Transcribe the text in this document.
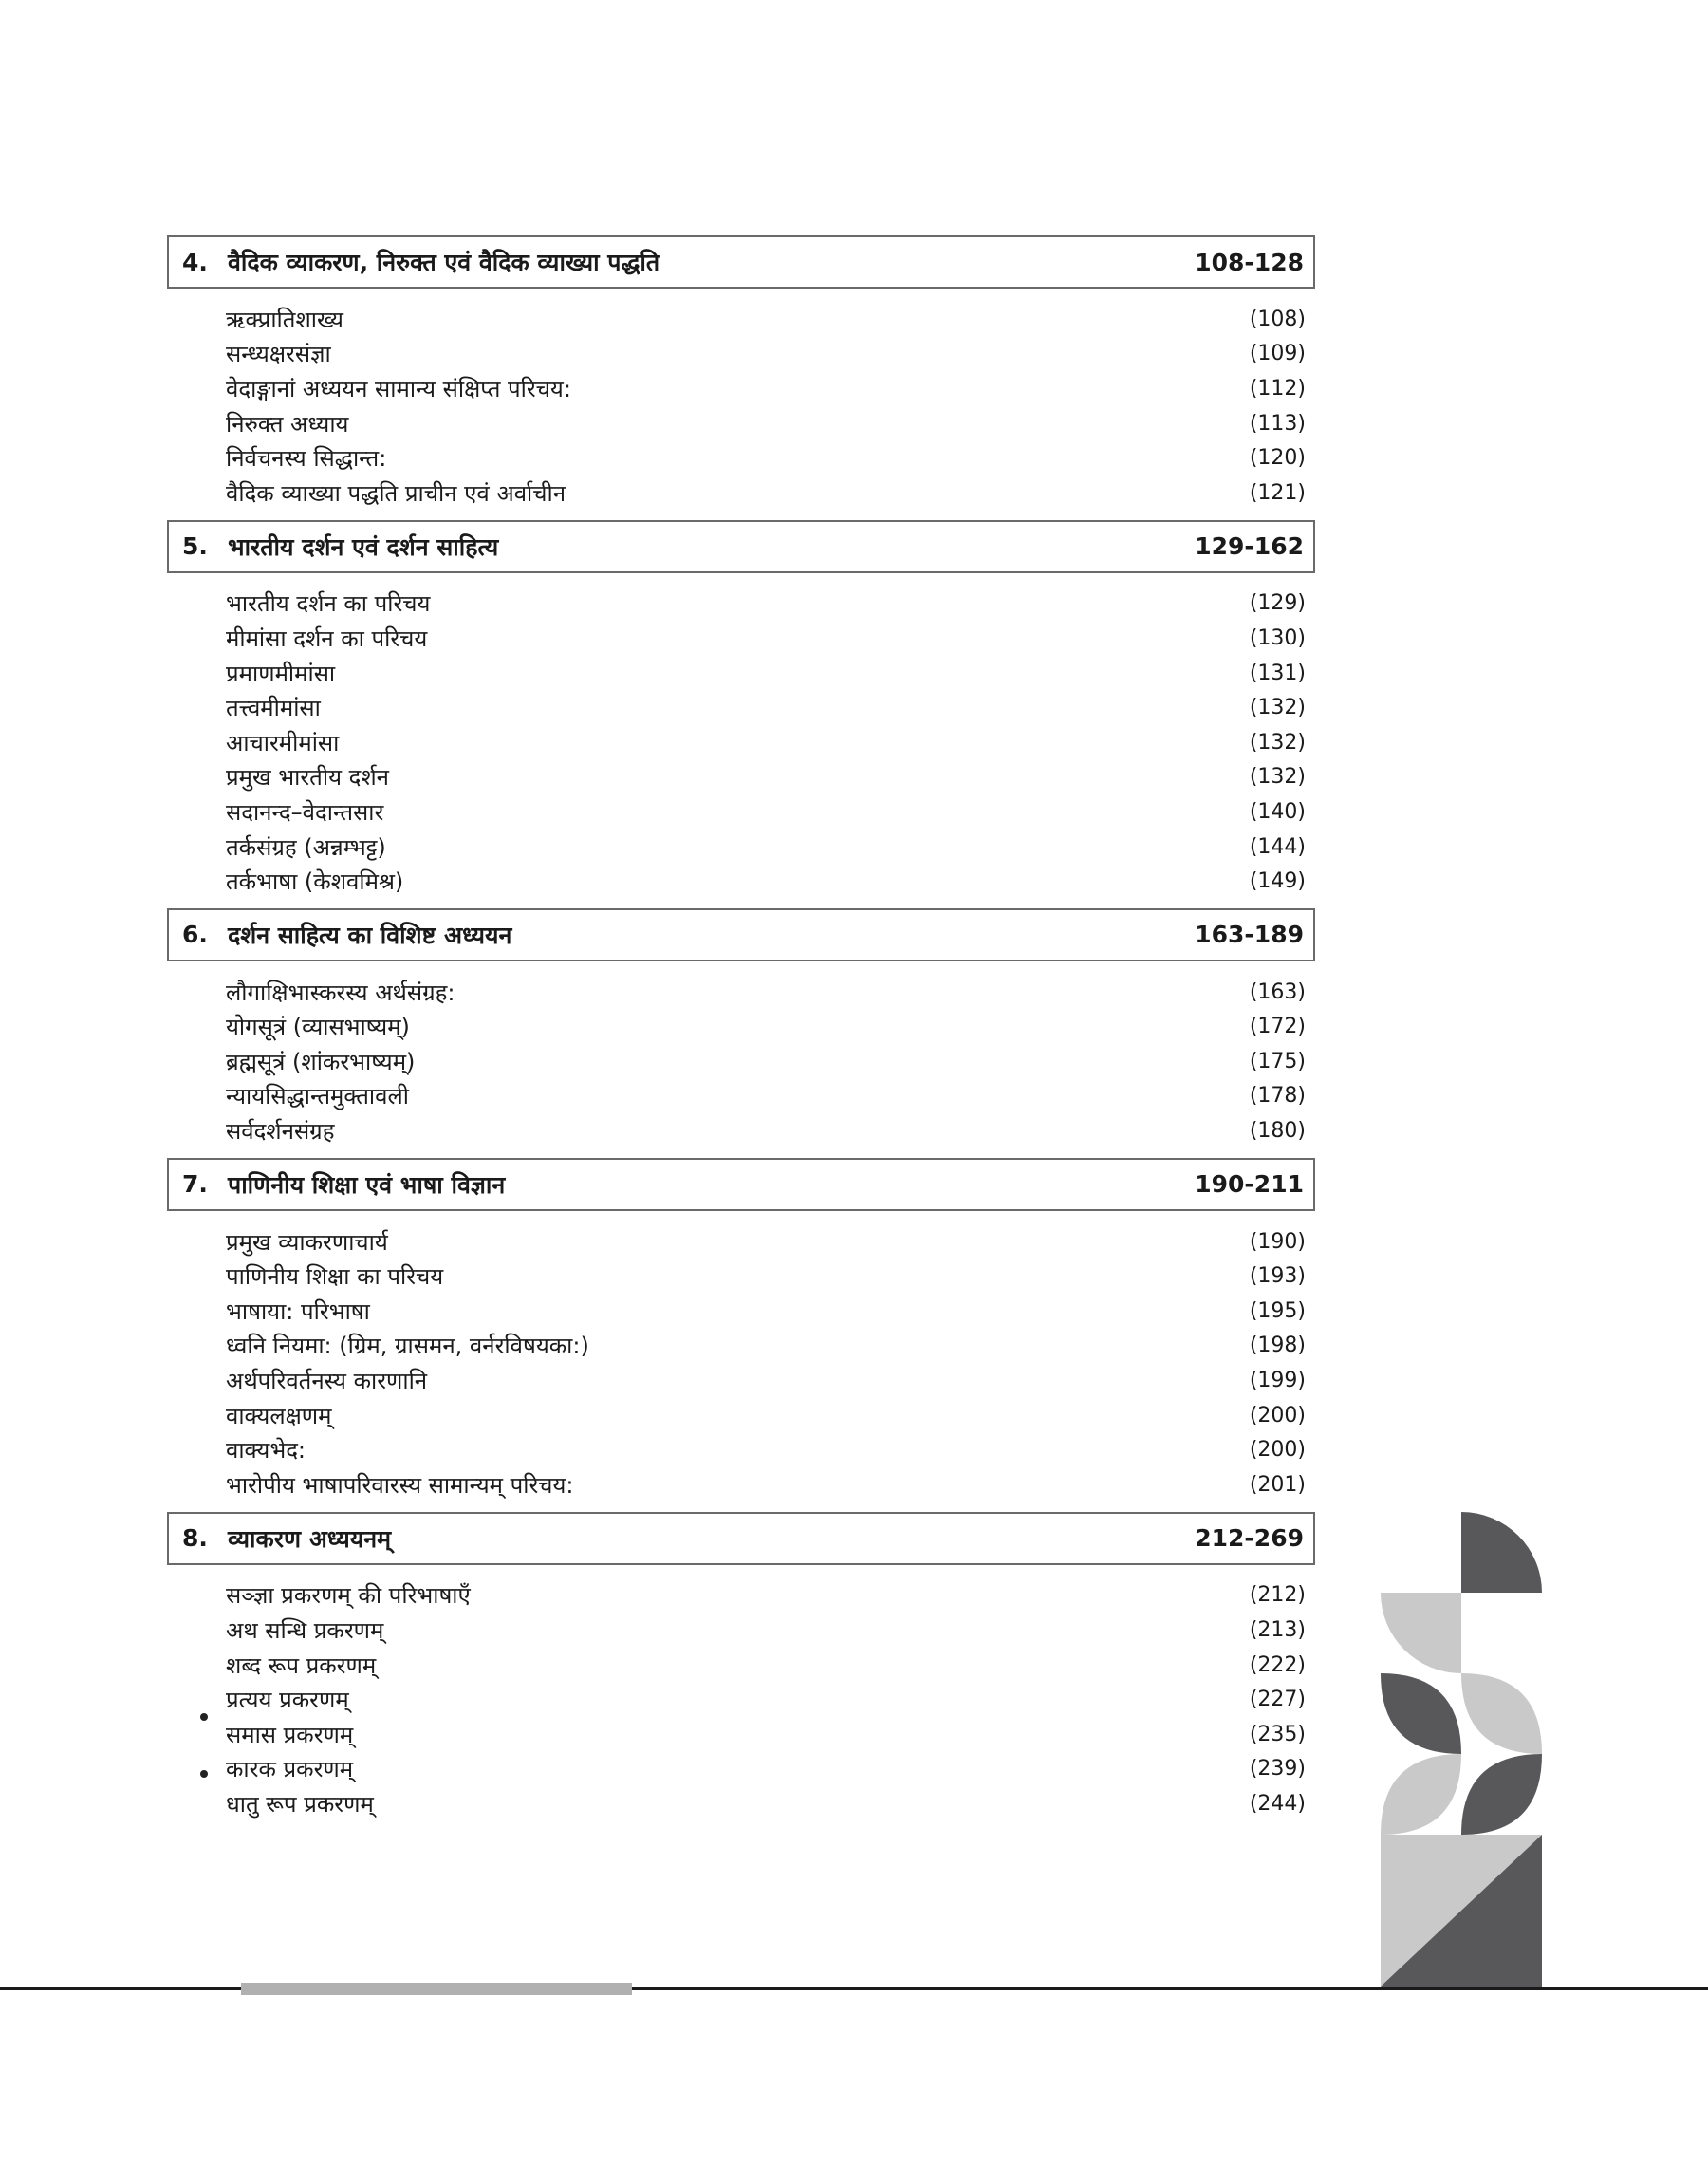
4. वैदिक व्याकरण, निरुक्त एवं वैदिक व्याख्या पद्धति	108-128
ऋक्प्रातिशाख्य	(108)
सन्ध्यक्षरसंज्ञा	(109)
वेदाङ्गानां अध्ययन सामान्य संक्षिप्त परिचय:	(112)
निरुक्त अध्याय	(113)
निर्वचनस्य सिद्धान्त:	(120)
वैदिक व्याख्या पद्धति प्राचीन एवं अर्वाचीन	(121)
5. भारतीय दर्शन एवं दर्शन साहित्य	129-162
भारतीय दर्शन का परिचय	(129)
मीमांसा दर्शन का परिचय	(130)
प्रमाणमीमांसा	(131)
तत्त्वमीमांसा	(132)
आचारमीमांसा	(132)
प्रमुख भारतीय दर्शन	(132)
सदानन्द–वेदान्तसार	(140)
तर्कसंग्रह (अन्नम्भट्ट)	(144)
तर्कभाषा (केशवमिश्र)	(149)
6. दर्शन साहित्य का विशिष्ट अध्ययन	163-189
लौगाक्षिभास्करस्य अर्थसंग्रह:	(163)
योगसूत्रं (व्यासभाष्यम्)	(172)
ब्रह्मसूत्रं (शांकरभाष्यम्)	(175)
न्यायसिद्धान्तमुक्तावली	(178)
सर्वदर्शनसंग्रह	(180)
7. पाणिनीय शिक्षा एवं भाषा विज्ञान	190-211
प्रमुख व्याकरणाचार्य	(190)
पाणिनीय शिक्षा का परिचय	(193)
भाषाया: परिभाषा	(195)
ध्वनि नियमा: (ग्रिम, ग्रासमन, वर्नरविषयका:)	(198)
अर्थपरिवर्तनस्य कारणानि	(199)
वाक्यलक्षणम्	(200)
वाक्यभेद:	(200)
भारोपीय भाषापरिवारस्य सामान्यम् परिचय:	(201)
8. व्याकरण अध्ययनम्	212-269
सञ्ज्ञा प्रकरणम् की परिभाषाएँ	(212)
अथ सन्धि प्रकरणम्	(213)
शब्द रूप प्रकरणम्	(222)
प्रत्यय प्रकरणम्	(227)
समास प्रकरणम्	(235)
कारक प्रकरणम्	(239)
धातु रूप प्रकरणम्	(244)
